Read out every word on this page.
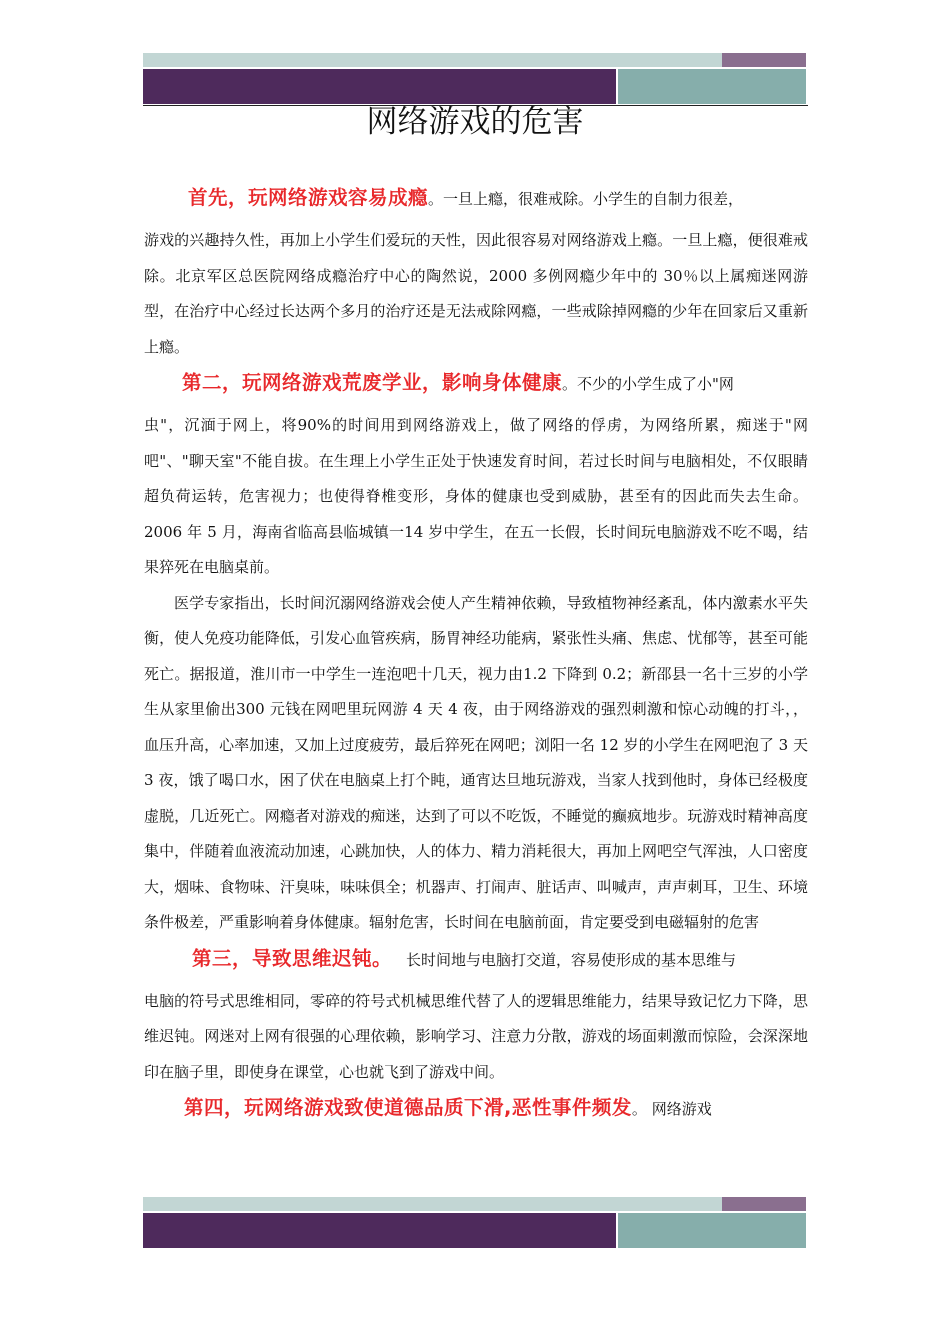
网络游戏的危害

首先，玩网络游戏容易成瘾。一旦上瘾，很难戒除。小学生的自制力很差，

游戏的兴趣持久性，再加上小学生们爱玩的天性，因此很容易对网络游戏上瘾。一旦上瘾，便很难戒除。北京军区总医院网络成瘾治疗中心的陶然说，2000 多例网瘾少年中的 30％以上属痴迷网游型，在治疗中心经过长达两个多月的治疗还是无法戒除网瘾，一些戒除掉网瘾的少年在回家后又重新上瘾。

第二，玩网络游戏荒废学业，影响身体健康。不少的小学生成了小"网

虫"，沉湎于网上，将90%的时间用到网络游戏上，做了网络的俘虏，为网络所累，痴迷于"网吧"、"聊天室"不能自拔。在生理上小学生正处于快速发育时间，若过长时间与电脑相处，不仅眼睛超负荷运转，危害视力；也使得脊椎变形，身体的健康也受到威胁，甚至有的因此而失去生命。2006 年 5 月，海南省临高县临城镇一14 岁中学生，在五一长假，长时间玩电脑游戏不吃不喝，结果猝死在电脑桌前。

医学专家指出，长时间沉溺网络游戏会使人产生精神依赖，导致植物神经紊乱，体内激素水平失衡，使人免疫功能降低，引发心血管疾病，肠胃神经功能病，紧张性头痛、焦虑、忧郁等，甚至可能死亡。据报道，淮川市一中学生一连泡吧十几天，视力由1.2 下降到 0.2；新邵县一名十三岁的小学生从家里偷出300 元钱在网吧里玩网游 4 天 4 夜，由于网络游戏的强烈刺激和惊心动魄的打斗，，血压升高，心率加速，又加上过度疲劳，最后猝死在网吧；浏阳一名 12 岁的小学生在网吧泡了 3 天 3 夜，饿了喝口水，困了伏在电脑桌上打个盹，通宵达旦地玩游戏，当家人找到他时，身体已经极度虚脱，几近死亡。网瘾者对游戏的痴迷，达到了可以不吃饭，不睡觉的癫疯地步。玩游戏时精神高度集中，伴随着血液流动加速，心跳加快，人的体力、精力消耗很大，再加上网吧空气浑浊，人口密度大，烟味、食物味、汗臭味，味味俱全；机器声、打闹声、脏话声、叫喊声，声声刺耳，卫生、环境条件极差，严重影响着身体健康。辐射危害，长时间在电脑前面，肯定要受到电磁辐射的危害

第三，导致思维迟钝。 长时间地与电脑打交道，容易使形成的基本思维与

电脑的符号式思维相同，零碎的符号式机械思维代替了人的逻辑思维能力，结果导致记忆力下降，思维迟钝。网迷对上网有很强的心理依赖，影响学习、注意力分散，游戏的场面刺激而惊险，会深深地印在脑子里，即使身在课堂，心也就飞到了游戏中间。

第四，玩网络游戏致使道德品质下滑,恶性事件频发。 网络游戏
